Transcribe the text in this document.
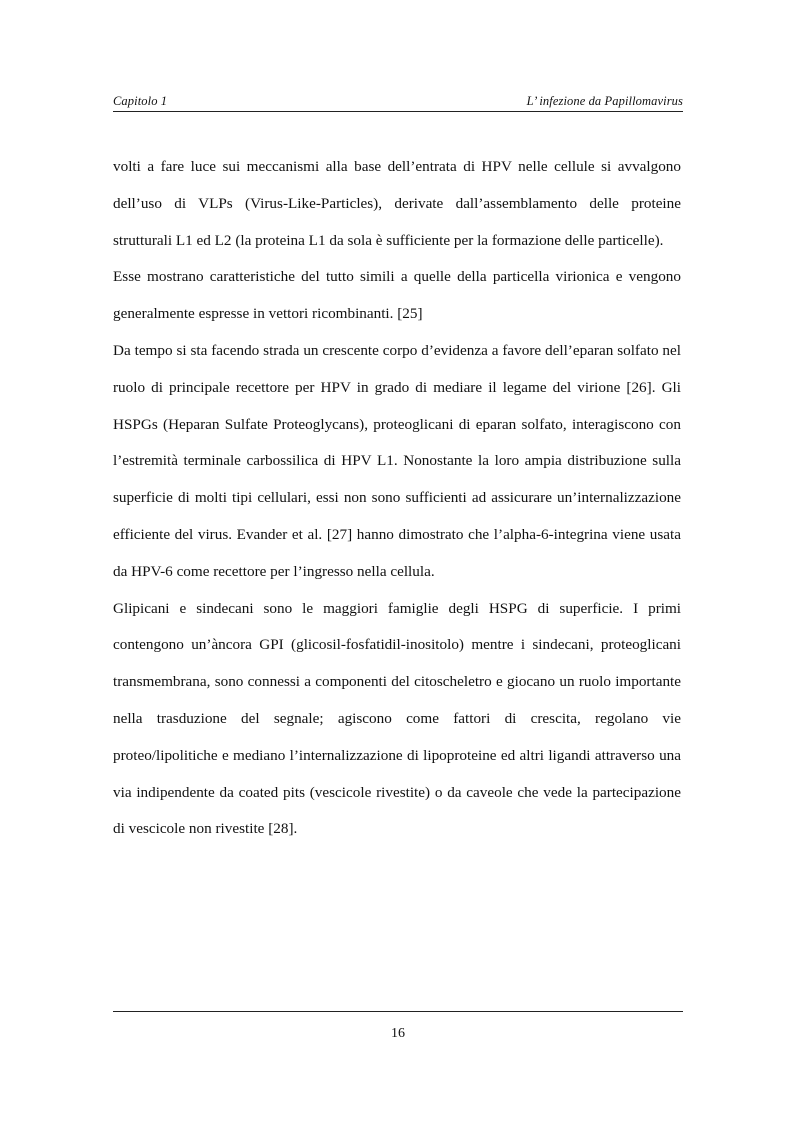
Capitolo 1	L’ infezione da Papillomavirus

volti a fare luce sui meccanismi alla base dell’entrata di HPV nelle cellule si avvalgono dell’uso di VLPs (Virus-Like-Particles), derivate dall’assemblamento delle proteine strutturali L1 ed L2 (la proteina L1 da sola è sufficiente per la formazione delle particelle).

Esse mostrano caratteristiche del tutto simili a quelle della particella virionica e vengono generalmente espresse in vettori ricombinanti. [25]

Da tempo si sta facendo strada un crescente corpo d’evidenza a favore dell’eparan solfato nel ruolo di principale recettore per HPV in grado di mediare il legame del virione [26]. Gli HSPGs (Heparan Sulfate Proteoglycans), proteoglicani di eparan solfato, interagiscono con l’estremità terminale carbossilica di HPV L1. Nonostante la loro ampia distribuzione sulla superficie di molti tipi cellulari, essi non sono sufficienti ad assicurare un’internalizzazione efficiente del virus. Evander et al. [27] hanno dimostrato che l’alpha-6-integrina viene usata da HPV-6 come recettore per l’ingresso nella cellula.

Glipicani e sindecani sono le maggiori famiglie degli HSPG di superficie. I primi contengono un’àncora GPI (glicosil-fosfatidil-inositolo) mentre i sindecani, proteoglicani transmembrana, sono connessi a componenti del citoscheletro e giocano un ruolo importante nella trasduzione del segnale; agiscono come fattori di crescita, regolano vie proteo/lipolitiche e mediano l’internalizzazione di lipoproteine ed altri ligandi attraverso una via indipendente da coated pits (vescicole rivestite) o da caveole che vede la partecipazione di vescicole non rivestite [28].

16
